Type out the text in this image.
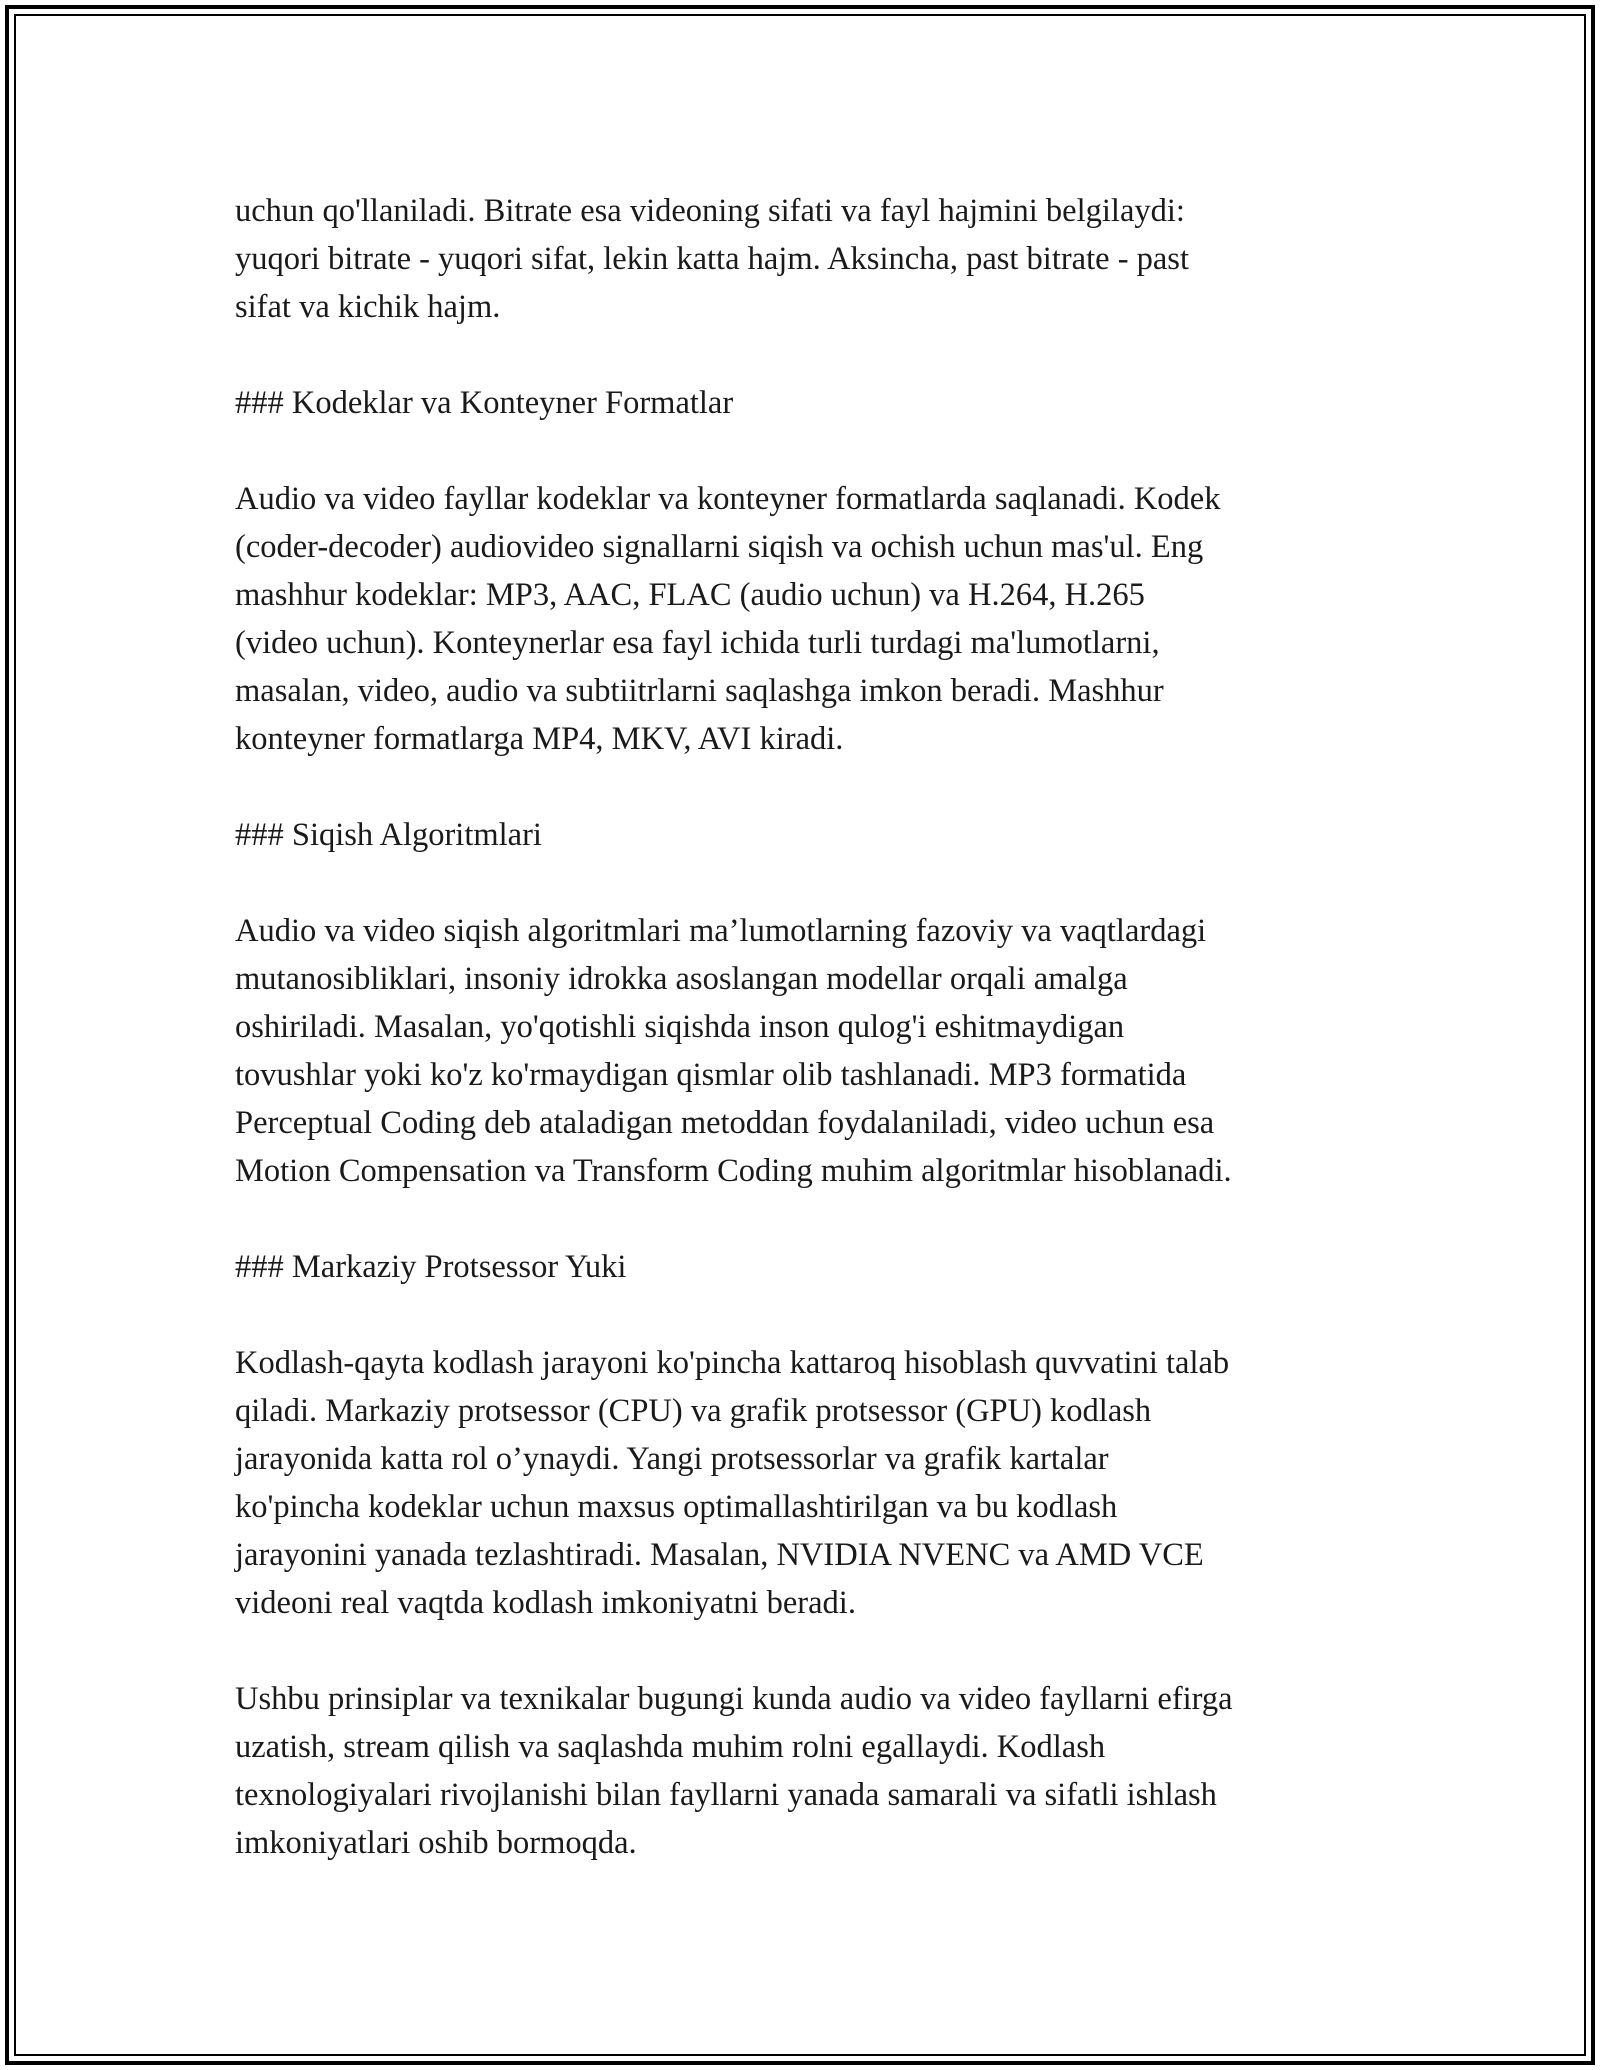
uchun qo'llaniladi. Bitrate esa videoning sifati va fayl hajmini belgilaydi:
yuqori bitrate - yuqori sifat, lekin katta hajm. Aksincha, past bitrate - past
sifat va kichik hajm.

### Kodeklar va Konteyner Formatlar

Audio va video fayllar kodeklar va konteyner formatlarda saqlanadi. Kodek
(coder-decoder) audiovideo signallarni siqish va ochish uchun mas'ul. Eng
mashhur kodeklar: MP3, AAC, FLAC (audio uchun) va H.264, H.265
(video uchun). Konteynerlar esa fayl ichida turli turdagi ma'lumotlarni,
masalan, video, audio va subtiitrlarni saqlashga imkon beradi. Mashhur
konteyner formatlarga MP4, MKV, AVI kiradi.

### Siqish Algoritmlari

Audio va video siqish algoritmlari ma’lumotlarning fazoviy va vaqtlardagi
mutanosibliklari, insoniy idrokka asoslangan modellar orqali amalga
oshiriladi. Masalan, yo'qotishli siqishda inson qulog'i eshitmaydigan
tovushlar yoki ko'z ko'rmaydigan qismlar olib tashlanadi. MP3 formatida
Perceptual Coding deb ataladigan metoddan foydalaniladi, video uchun esa
Motion Compensation va Transform Coding muhim algoritmlar hisoblanadi.

### Markaziy Protsessor Yuki

Kodlash-qayta kodlash jarayoni ko'pincha kattaroq hisoblash quvvatini talab
qiladi. Markaziy protsessor (CPU) va grafik protsessor (GPU) kodlash
jarayonida katta rol o’ynaydi. Yangi protsessorlar va grafik kartalar
ko'pincha kodeklar uchun maxsus optimallashtirilgan va bu kodlash
jarayonini yanada tezlashtiradi. Masalan, NVIDIA NVENC va AMD VCE
videoni real vaqtda kodlash imkoniyatni beradi.

Ushbu prinsiplar va texnikalar bugungi kunda audio va video fayllarni efirga
uzatish, stream qilish va saqlashda muhim rolni egallaydi. Kodlash
texnologiyalari rivojlanishi bilan fayllarni yanada samarali va sifatli ishlash
imkoniyatlari oshib bormoqda.
